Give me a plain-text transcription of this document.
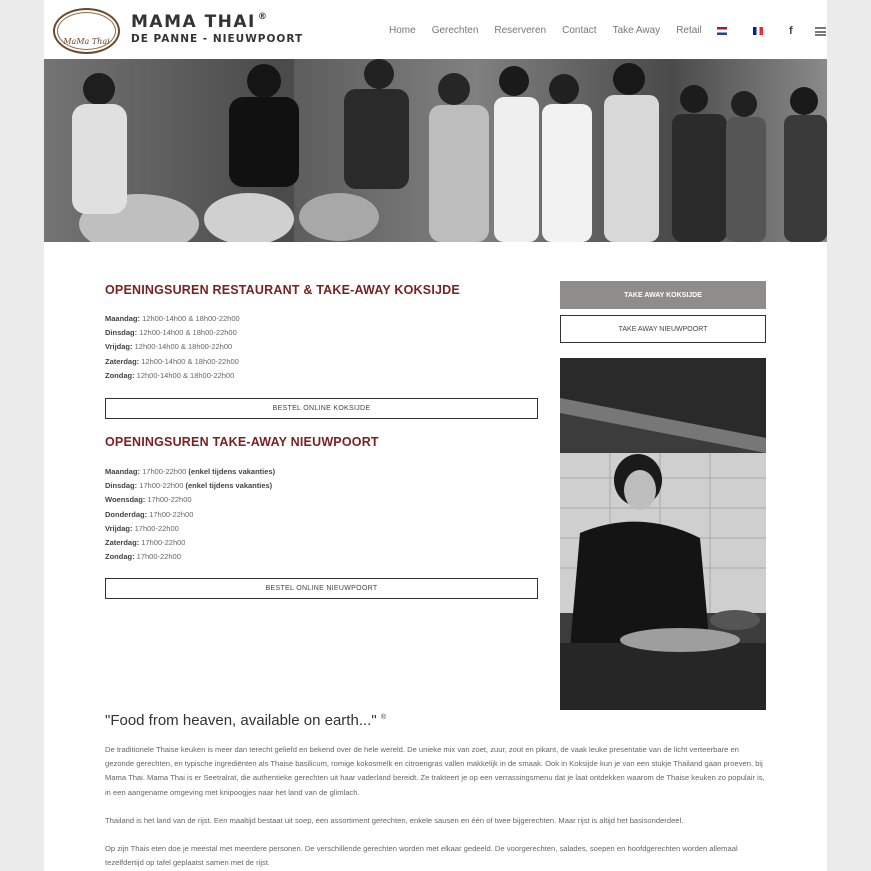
MaMa Thai
MAMA THAI ®
DE PANNE - NIEUWPOORT
Home Gerechten Reserveren Contact Take Away Retail	f
OPENINGSUREN RESTAURANT & TAKE-AWAY KOKSIJDE
Maandag: 12h00-14h00 & 18h00-22h00
Dinsdag: 12h00-14h00 & 18h00-22h00
Vrijdag: 12h00-14h00 & 18h00-22h00
Zaterdag: 12h00-14h00 & 18h00-22h00
Zondag: 12h00-14h00 & 18h00-22h00
BESTEL ONLINE KOKSIJDE
OPENINGSUREN TAKE-AWAY NIEUWPOORT
Maandag: 17h00-22h00 (enkel tijdens vakanties)
Dinsdag: 17h00-22h00 (enkel tijdens vakanties)
Woensdag: 17h00-22h00
Donderdag: 17h00-22h00
Vrijdag: 17h00-22h00
Zaterdag: 17h00-22h00
Zondag: 17h00-22h00
BESTEL ONLINE NIEUWPOORT
TAKE AWAY KOKSIJDE
TAKE AWAY NIEUWPOORT
"Food from heaven, available on earth..." ®
De traditionele Thaise keuken is meer dan terecht geliefd en bekend over de hele wereld. De unieke mix van zoet, zuur, zout en pikant, de vaak leuke presentatie van de licht verteerbare en gezonde gerechten, en typische ingrediënten als Thaise basilicum, romige kokosmelk en citroengras vallen makkelijk in de smaak. Ook in Koksijde kun je van een stukje Thailand gaan proeven, bij Mama Thai. Mama Thai is er Seetralrat, die authentieke gerechten uit haar vaderland bereidt. Ze trakteert je op een verrassingsmenu dat je laat ontdekken waarom de Thaise keuken zo populair is, in een aangename omgeving met knipoogjes naar het land van de glimlach.
Thailand is het land van de rijst. Een maaltijd bestaat uit soep, een assortiment gerechten, enkele sausen en één of twee bijgerechten. Maar rijst is altijd het basisonderdeel.
Op zijn Thais eten doe je meestal met meerdere personen. De verschillende gerechten worden met elkaar gedeeld. De voorgerechten, salades, soepen en hoofdgerechten worden allemaal tezelfdertijd op tafel geplaatst samen met de rijst.
